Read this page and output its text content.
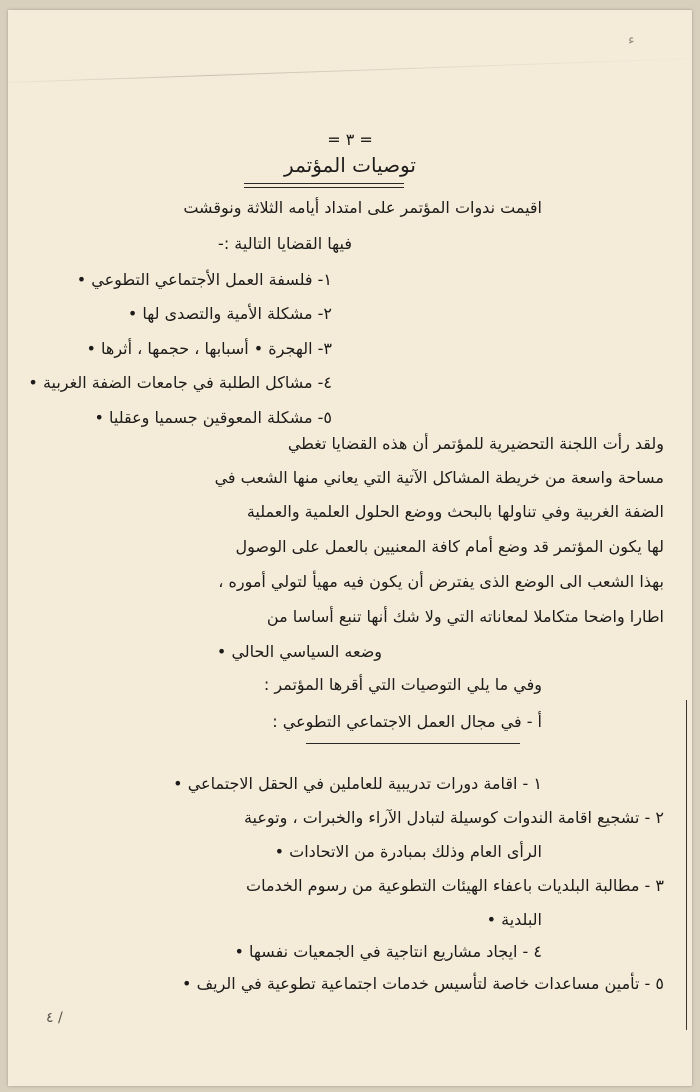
ء
= ٣ =
توصيات المؤتمر
اقيمت ندوات المؤتمر على امتداد أيامه الثلاثة ونوقشت
فيها القضايا التالية :-
١- فلسفة العمل الأجتماعي التطوعي •
٢- مشكلة الأمية والتصدى لها •
٣- الهجرة • أسبابها ، حجمها ، أثرها •
٤- مشاكل الطلبة في جامعات الضفة الغربية •
٥- مشكلة المعوقين جسميا وعقليا •
ولقد رأت اللجنة التحضيرية للمؤتمر أن هذه القضايا تغطي
مساحة واسعة من خريطة المشاكل الآتية التي يعاني منها الشعب في
الضفة الغربية وفي تناولها بالبحث ووضع الحلول العلمية والعملية
لها يكون المؤتمر قد وضع أمام كافة المعنيين بالعمل على الوصول
بهذا الشعب الى الوضع الذى يفترض أن يكون فيه مهيأ لتولي أموره ،
اطارا واضحا متكاملا لمعاناته التي ولا شك أنها تنبع أساسا من
وضعه السياسي الحالي •
وفي ما يلي التوصيات التي أقرها المؤتمر :
أ - في مجال العمل الاجتماعي التطوعي :
١ - اقامة دورات تدريبية للعاملين في الحقل الاجتماعي •
٢ - تشجيع اقامة الندوات كوسيلة لتبادل الآراء والخبرات ، وتوعية
الرأى العام وذلك بمبادرة من الاتحادات •
٣ - مطالبة البلديات باعفاء الهيئات التطوعية من رسوم الخدمات
البلدية •
٤ - ايجاد مشاريع انتاجية في الجمعيات نفسها •
٥ - تأمين مساعدات خاصة لتأسيس خدمات اجتماعية تطوعية في الريف •
٤ /
